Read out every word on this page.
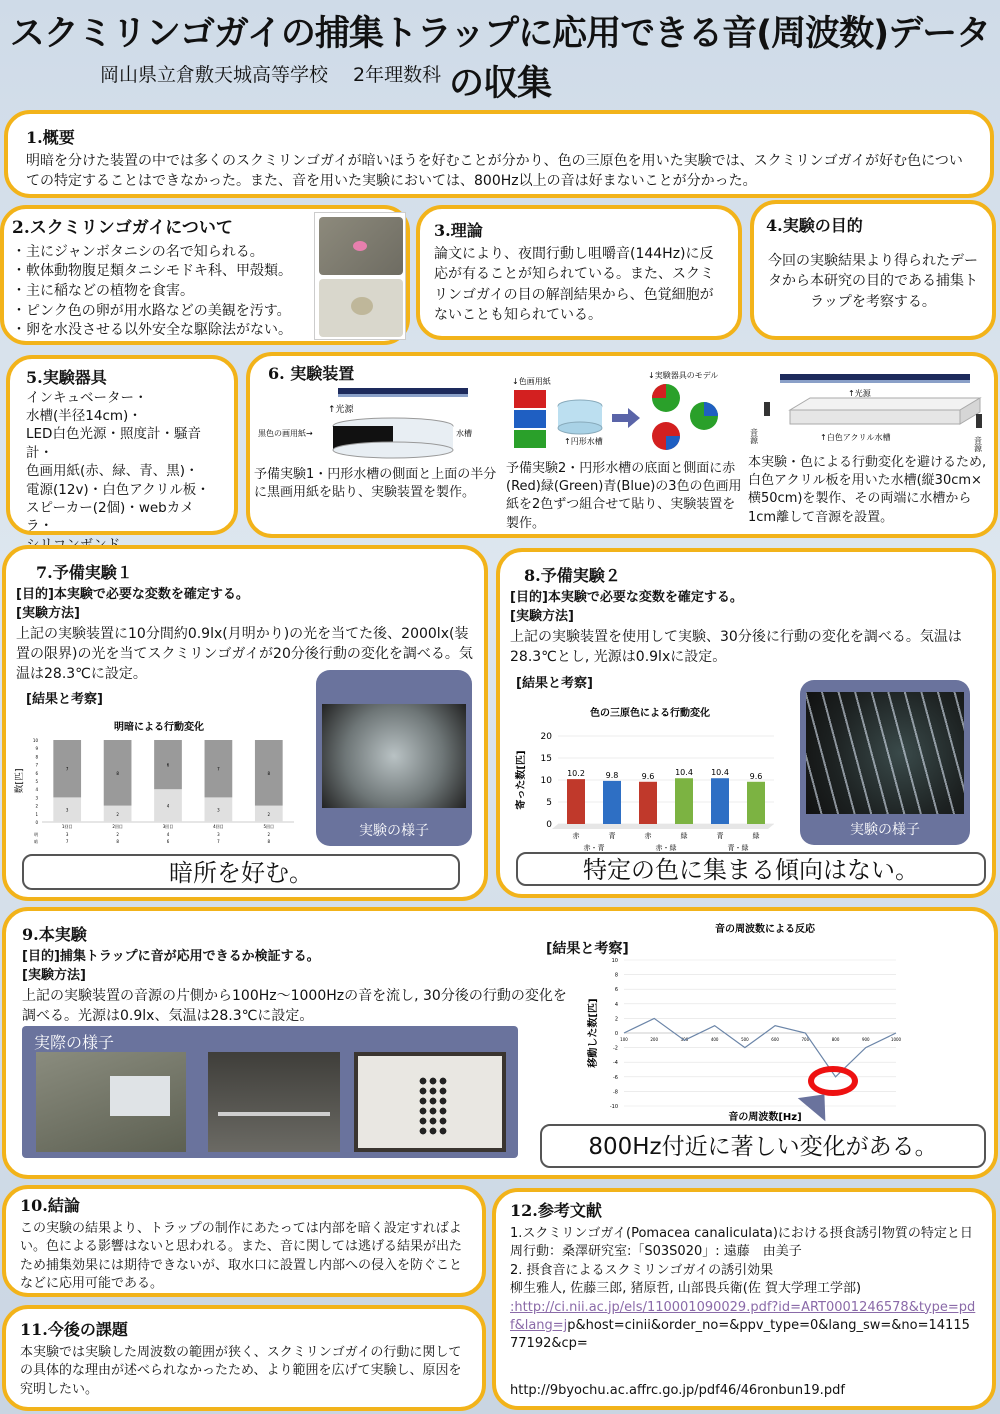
スクミリンゴガイの捕集トラップに応用できる音(周波数)データの収集
岡山県立倉敷天城高等学校　 2年理数科
1.概要

明暗を分けた装置の中では多くのスクミリンゴガイが暗いほうを好むことが分かり、色の三原色を用いた実験では、スクミリンゴガイが好む色についての特定することはできなかった。また、音を用いた実験においては、800Hz以上の音は好まないことが分かった。

2.スクミリンゴガイについて
・主にジャンボタニシの名で知られる。
・軟体動物腹足類タニシモドキ科、甲殻類。
・主に稲などの植物を食害。
・ピンク色の卵が用水路などの美観を汚す。
・卵を水没させる以外安全な駆除法がない。
3.理論

論文により、夜間行動し咀嚼音(144Hz)に反応が有ることが知られている。また、スクミリンゴガイの目の解剖結果から、色覚細胞がないことも知られている。

4.実験の目的

今回の実験結果より得られたデータから本研究の目的である捕集トラップを考察する。

5.実験器具
インキュベーター・
水槽(半径14cm)・
LED白色光源・照度計・騒音計・
色画用紙(赤、緑、青、黒)・
電源(12v)・白色アクリル板・
スピーカー(2個)・webカメラ・
6. 実験装置
↑光源
黒色の画用紙→	水槽
予備実験1・円形水槽の側面と上面の半分に黒画用紙を貼り、実験装置を製作。
↓色画用紙
↑円形水槽
↓実験器具のモデル
予備実験2・円形水槽の底面と側面に赤(Red)緑(Green)青(Blue)の3色の色画用紙を2色ずつ組合せて貼り、実験装置を製作。
↑光源
音源	↑白色アクリル水槽	音源
本実験・色による行動変化を避けるため, 白色アクリル板を用いた水槽(縦30cm×横50cm)を製作、その両端に水槽から1cm離して音源を設置。
7.予備実験１
[目的]本実験で必要な変数を確定する。
[実験方法]

上記の実験装置に10分間約0.9lx(月明かり)の光を当てた後、2000lx(装置の限界)の光を当てスクミリンゴガイが20分後行動の変化を調べる。気温は28.3℃に設定。

[結果と考察]
明暗による行動変化
数[匹]
0
1
2
3
4
5
6
7
8
9
10
3
7
1回目
2
8
2回目
4
6
3回目
3
7
4回目
2
8
5回目
明	3	2	4	3	2
暗	7	8	6	7	8
実験の様子
暗所を好む。
8.予備実験２
[目的]本実験で必要な変数を確定する。
[実験方法]

上記の実験装置を使用して実験、30分後に行動の変化を調べる。気温は28.3℃とし, 光源は0.9lxに設定。

[結果と考察]
色の三原色による行動変化
寄った数[匹]
0
5
10
15
20
10.2
赤
9.8
青
9.6
赤
10.4
緑
10.4
青
9.6
緑
赤・青	赤・緑	青・緑
実験の様子
特定の色に集まる傾向はない。
9.本実験
[目的]捕集トラップに音が応用できるか検証する。
[実験方法]

上記の実験装置の音源の片側から100Hz～1000Hzの音を流し, 30分後の行動の変化を調べる。光源は0.9lx、気温は28.3℃に設定。

[結果と考察]
実際の様子
音の周波数による反応
移動した数[匹]
10
8
6
4
2
0
-2
-4
-6
-8
-10
100	200	300	400	500	600	700	800	900	1000
音の周波数[Hz]
800Hz付近に著しい変化がある。
10.結論

この実験の結果より、トラップの制作にあたっては内部を暗く設定すればよい。色による影響はないと思われる。また、音に関しては逃げる結果が出たため捕集効果には期待できないが、取水口に設置し内部への侵入を防ぐことなどに応用可能である。

11.今後の課題

本実験では実験した周波数の範囲が狭く、スクミリンゴガイの行動に関しての具体的な理由が述べられなかったため、より範囲を広げて実験し、原因を究明したい。

12.参考文献

1.スクミリンゴガイ(Pomacea canaliculata)における摂食誘引物質の特定と日周行動：桑澤研究室:「S03S020」: 遠藤　由美子

2. 摂食音によるスクミリンゴガイの誘引効果

柳生雅人, 佐藤三郎, 猪原哲, 山部畏兵衛(佐 賀大学理工学部)

:http://ci.nii.ac.jp/els/110001090029.pdf?id=ART0001246578&type=pdf&lang=jp&host=cinii&order_no=&ppv_type=0&lang_sw=&no=1411577192&cp=

http://9byochu.ac.affrc.go.jp/pdf46/46ronbun19.pdf
